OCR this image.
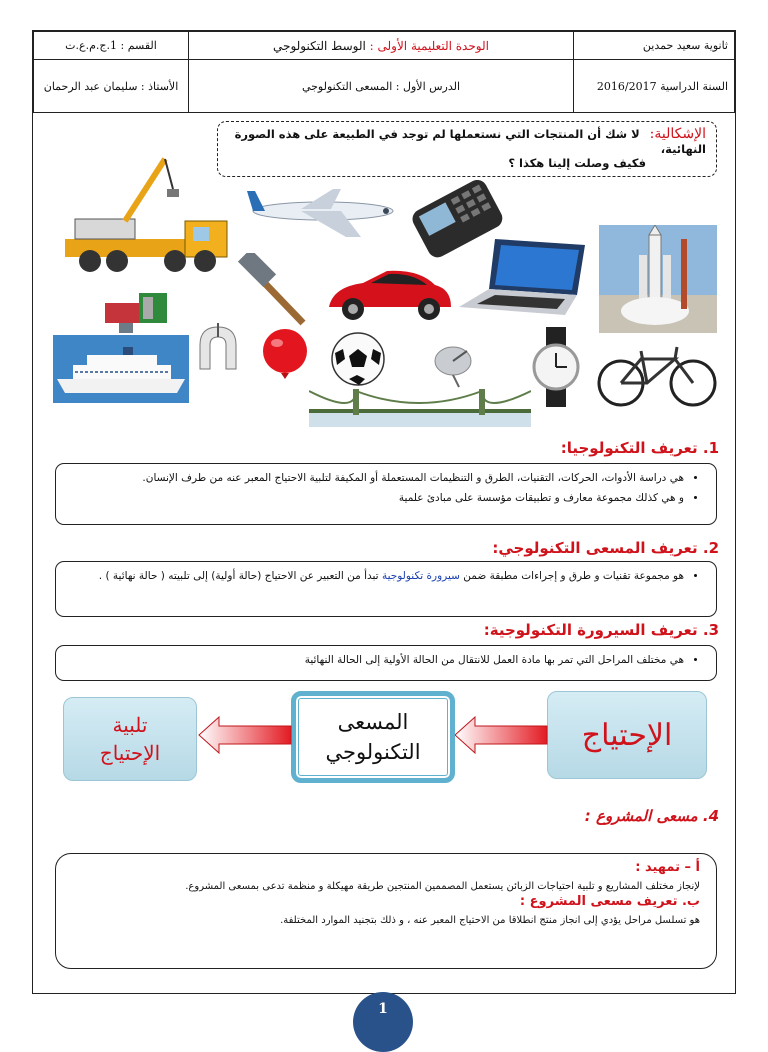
ثانوية سعيد حمدين	الوحدة التعليمية الأولى : الوسط التكنولوجي	القسم : 1.ج.م.ع.ت
السنة الدراسية 2016/2017	الدرس الأول : المسعى التكنولوجي	الأستاذ : سليمان عبد الرحمان
الإشكالية: لا شك أن المنتجات التي نستعملها لم توجد في الطبيعة على هذه الصورة النهائية،
فكيف وصلت إلينا هكذا ؟
1. تعريف التكنولوجيا:
• هي دراسة الأدوات، الحركات، التقنيات، الطرق و التنظيمات المستعملة أو المكيفة لتلبية الاحتياج المعبر عنه من طرف الإنسان.
• و هي كذلك مجموعة معارف و تطبيقات مؤسسة على مبادئ علمية
2. تعريف المسعى التكنولوجي:
• هو مجموعة تقنيات و طرق و إجراءات مطبقة ضمن سيرورة تكنولوجية تبدأ من التعبير عن الاحتياج (حالة أولية) إلى تلبيته ( حالة نهائية ) .
3. تعريف السيرورة التكنولوجية:
• هي مختلف المراحل التي تمر بها مادة العمل للانتقال من الحالة الأولية إلى الحالة النهائية
الإحتياج
المسعى
التكنولوجي
تلبية
الإحتياج
4. مسعى المشروع :
أ – تمهيد :
لإنجاز مختلف المشاريع و تلبية احتياجات الزبائن يستعمل المصممين المنتجين طريقة مهيكلة و منظمة تدعى بمسعى المشروع.
ب. تعريف مسعى المشروع :
هو تسلسل مراحل يؤدي إلى انجاز منتج انطلاقا من الاحتياج المعبر عنه ، و ذلك بتجنيد الموارد المختلفة.
1
